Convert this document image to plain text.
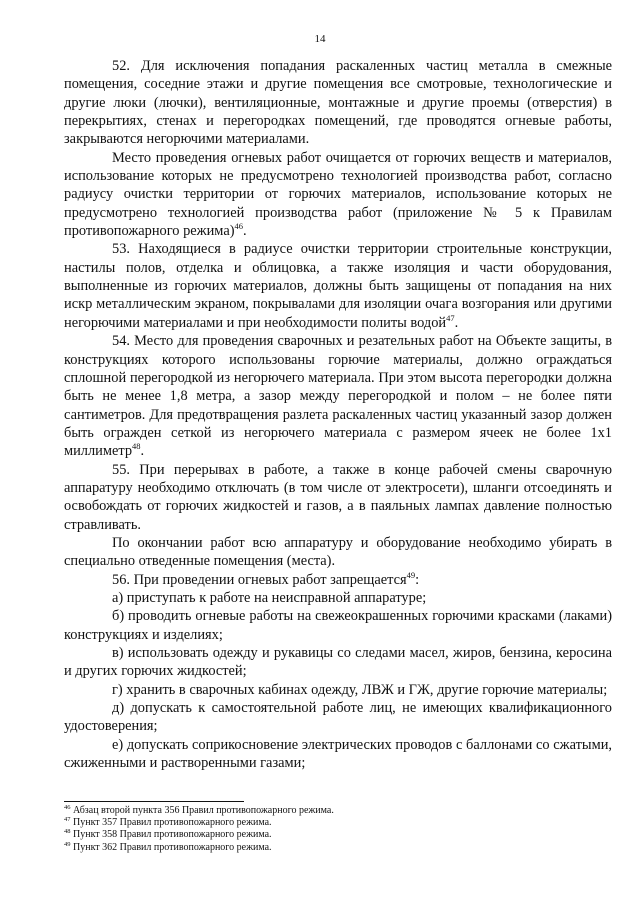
14

52. Для исключения попадания раскаленных частиц металла в смежные помещения, соседние этажи и другие помещения все смотровые, технологические и другие люки (лючки), вентиляционные, монтажные и другие проемы (отверстия) в перекрытиях, стенах и перегородках помещений, где проводятся огневые работы, закрываются негорючими материалами.

Место проведения огневых работ очищается от горючих веществ и материалов, использование которых не предусмотрено технологией производства работ, согласно радиусу очистки территории от горючих материалов, использование которых не предусмотрено технологией производства работ (приложение № 5 к Правилам противопожарного режима)$^{46}$.

53. Находящиеся в радиусе очистки территории строительные конструкции, настилы полов, отделка и облицовка, а также изоляция и части оборудования, выполненные из горючих материалов, должны быть защищены от попадания на них искр металлическим экраном, покрывалами для изоляции очага возгорания или другими негорючими материалами и при необходимости политы водой$^{47}$.

54. Место для проведения сварочных и резательных работ на Объекте защиты, в конструкциях которого использованы горючие материалы, должно ограждаться сплошной перегородкой из негорючего материала. При этом высота перегородки должна быть не менее 1,8 метра, а зазор между перегородкой и полом – не более пяти сантиметров. Для предотвращения разлета раскаленных частиц указанный зазор должен быть огражден сеткой из негорючего материала с размером ячеек не более 1x1 миллиметр$^{48}$.

55. При перерывах в работе, а также в конце рабочей смены сварочную аппаратуру необходимо отключать (в том числе от электросети), шланги отсоединять и освобождать от горючих жидкостей и газов, а в паяльных лампах давление полностью стравливать.

По окончании работ всю аппаратуру и оборудование необходимо убирать в специально отведенные помещения (места).

56. При проведении огневых работ запрещается$^{49}$:

а) приступать к работе на неисправной аппаратуре;

б) проводить огневые работы на свежеокрашенных горючими красками (лаками) конструкциях и изделиях;

в) использовать одежду и рукавицы со следами масел, жиров, бензина, керосина и других горючих жидкостей;

г) хранить в сварочных кабинах одежду, ЛВЖ и ГЖ, другие горючие материалы;

д) допускать к самостоятельной работе лиц, не имеющих квалификационного удостоверения;

е) допускать соприкосновение электрических проводов с баллонами со сжатыми, сжиженными и растворенными газами;

$^{46}$ Абзац второй пункта 356 Правил противопожарного режима.
$^{47}$ Пункт 357 Правил противопожарного режима.
$^{48}$ Пункт 358 Правил противопожарного режима.
$^{49}$ Пункт 362 Правил противопожарного режима.
